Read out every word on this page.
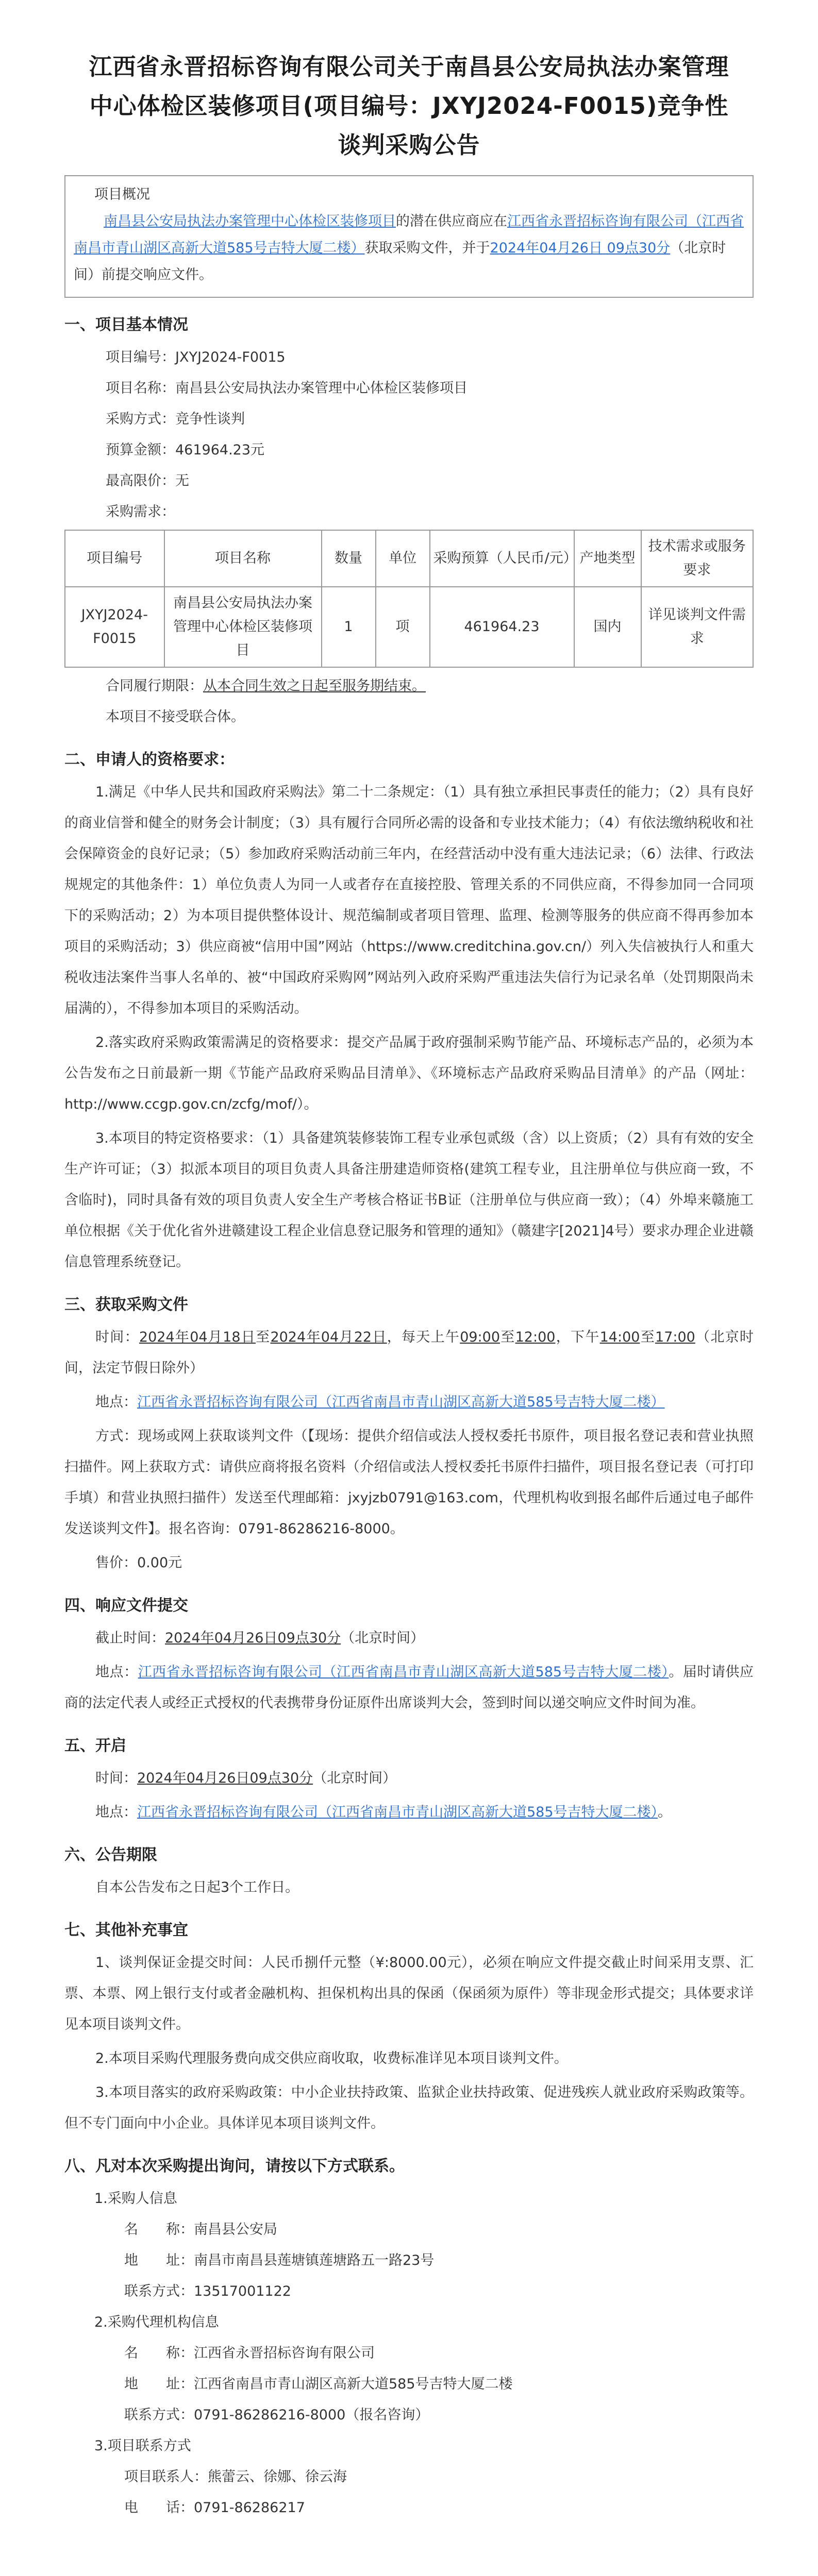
江西省永晋招标咨询有限公司关于南昌县公安局执法办案管理中心体检区装修项目(项目编号：JXYJ2024-F0015)竞争性谈判采购公告
项目概况

南昌县公安局执法办案管理中心体检区装修项目的潜在供应商应在江西省永晋招标咨询有限公司（江西省南昌市青山湖区高新大道585号吉特大厦二楼）获取采购文件，并于2024年04月26日 09点30分（北京时间）前提交响应文件。

一、项目基本情况
项目编号：JXYJ2024-F0015
项目名称：南昌县公安局执法办案管理中心体检区装修项目
采购方式：竞争性谈判
预算金额：461964.23元
最高限价：无
采购需求：
项目编号	项目名称	数量	单位	采购预算（人民币/元）	产地类型	技术需求或服务要求
JXYJ2024-F0015	南昌县公安局执法办案管理中心体检区装修项目	1	项	461964.23	国内	详见谈判文件需求
合同履行期限：从本合同生效之日起至服务期结束。
本项目不接受联合体。
二、申请人的资格要求：

1.满足《中华人民共和国政府采购法》第二十二条规定：（1）具有独立承担民事责任的能力；（2）具有良好的商业信誉和健全的财务会计制度；（3）具有履行合同所必需的设备和专业技术能力；（4）有依法缴纳税收和社会保障资金的良好记录；（5）参加政府采购活动前三年内，在经营活动中没有重大违法记录；（6）法律、行政法规规定的其他条件：1）单位负责人为同一人或者存在直接控股、管理关系的不同供应商，不得参加同一合同项下的采购活动；2）为本项目提供整体设计、规范编制或者项目管理、监理、检测等服务的供应商不得再参加本项目的采购活动；3）供应商被“信用中国”网站（https://www.creditchina.gov.cn/）列入失信被执行人和重大税收违法案件当事人名单的、被“中国政府采购网”网站列入政府采购严重违法失信行为记录名单（处罚期限尚未届满的），不得参加本项目的采购活动。

2.落实政府采购政策需满足的资格要求：提交产品属于政府强制采购节能产品、环境标志产品的，必须为本公告发布之日前最新一期《节能产品政府采购品目清单》、《环境标志产品政府采购品目清单》的产品（网址：http://www.ccgp.gov.cn/zcfg/mof/）。

3.本项目的特定资格要求：（1）具备建筑装修装饰工程专业承包贰级（含）以上资质；（2）具有有效的安全生产许可证；（3）拟派本项目的项目负责人具备注册建造师资格(建筑工程专业，且注册单位与供应商一致，不含临时)，同时具备有效的项目负责人安全生产考核合格证书B证（注册单位与供应商一致）；（4）外埠来赣施工单位根据《关于优化省外进赣建设工程企业信息登记服务和管理的通知》（赣建字[2021]4号）要求办理企业进赣信息管理系统登记。

三、获取采购文件

时间：2024年04月18日至2024年04月22日，每天上午09:00至12:00，下午14:00至17:00（北京时间，法定节假日除外）

地点：江西省永晋招标咨询有限公司（江西省南昌市青山湖区高新大道585号吉特大厦二楼）

方式：现场或网上获取谈判文件（【现场：提供介绍信或法人授权委托书原件，项目报名登记表和营业执照扫描件。网上获取方式：请供应商将报名资料（介绍信或法人授权委托书原件扫描件，项目报名登记表（可打印手填）和营业执照扫描件）发送至代理邮箱：jxyjzb0791@163.com，代理机构收到报名邮件后通过电子邮件发送谈判文件】。报名咨询：0791-86286216-8000。

售价：0.00元

四、响应文件提交

截止时间：2024年04月26日09点30分（北京时间）

地点：江西省永晋招标咨询有限公司（江西省南昌市青山湖区高新大道585号吉特大厦二楼）。届时请供应商的法定代表人或经正式授权的代表携带身份证原件出席谈判大会，签到时间以递交响应文件时间为准。

五、开启

时间：2024年04月26日09点30分（北京时间）

地点：江西省永晋招标咨询有限公司（江西省南昌市青山湖区高新大道585号吉特大厦二楼）。

六、公告期限

自本公告发布之日起3个工作日。

七、其他补充事宜

1、谈判保证金提交时间：人民币捌仟元整（¥:8000.00元），必须在响应文件提交截止时间采用支票、汇票、本票、网上银行支付或者金融机构、担保机构出具的保函（保函须为原件）等非现金形式提交；具体要求详见本项目谈判文件。

2.本项目采购代理服务费向成交供应商收取，收费标准详见本项目谈判文件。

3.本项目落实的政府采购政策：中小企业扶持政策、监狱企业扶持政策、促进残疾人就业政府采购政策等。但不专门面向中小企业。具体详见本项目谈判文件。

八、凡对本次采购提出询问，请按以下方式联系。
1.采购人信息
名　　称：南昌县公安局
地　　址：南昌市南昌县莲塘镇莲塘路五一路23号
联系方式：13517001122
2.采购代理机构信息
名　　称：江西省永晋招标咨询有限公司
地　　址：江西省南昌市青山湖区高新大道585号吉特大厦二楼
联系方式：0791-86286216-8000（报名咨询）
3.项目联系方式
项目联系人：熊蕾云、徐娜、徐云海
电　　话：0791-86286217
